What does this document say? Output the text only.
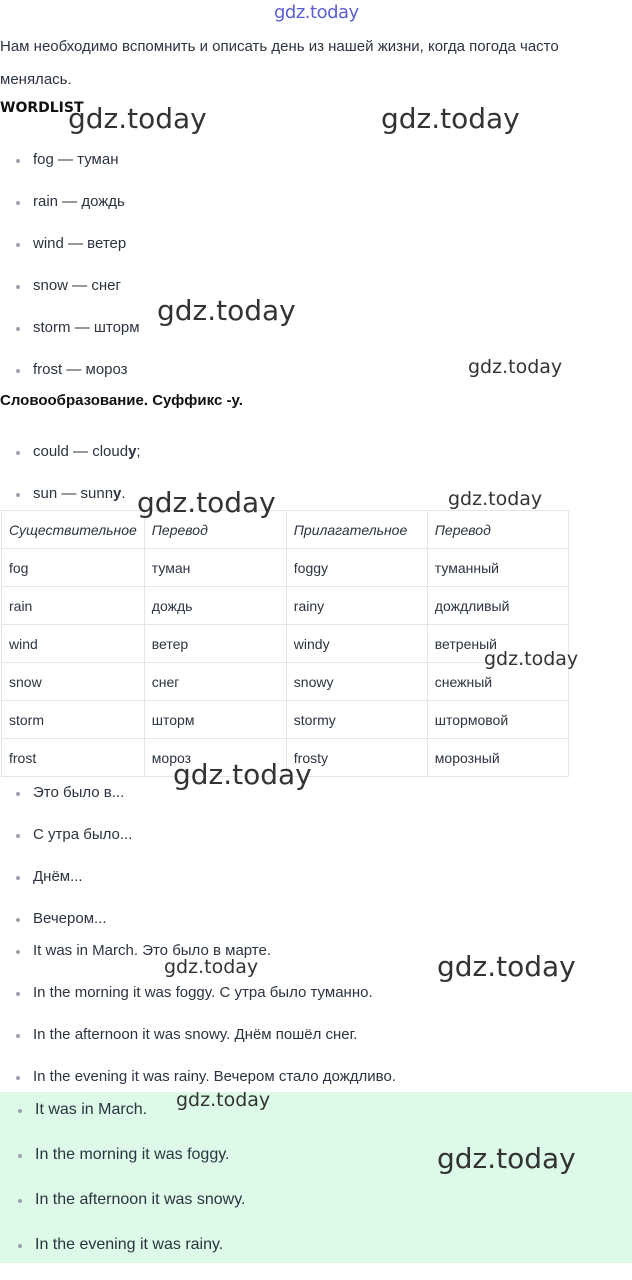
gdz.today
Нам необходимо вспомнить и описать день из нашей жизни, когда погода часто менялась.
WORDLIST
fog — туман
rain — дождь
wind — ветер
snow — снег
storm — шторм
frost — мороз
Словообразование. Суффикс -y.
could — cloudy;
sun — sunny.
Существительное	Перевод	Прилагательное	Перевод
fog	туман	foggy	туманный
rain	дождь	rainy	дождливый
wind	ветер	windy	ветреный
snow	снег	snowy	снежный
storm	шторм	stormy	штормовой
frost	мороз	frosty	морозный
Это было в...
С утра было...
Днём...
Вечером...
It was in March. Это было в марте.
In the morning it was foggy. С утра было туманно.
In the afternoon it was snowy. Днём пошёл снег.
In the evening it was rainy. Вечером стало дождливо.
It was in March.
In the morning it was foggy.
In the afternoon it was snowy.
In the evening it was rainy.
gdz.today	gdz.today
gdz.today
gdz.today
gdz.today	gdz.today
gdz.today
gdz.today
gdz.today	gdz.today
gdz.today
gdz.today
